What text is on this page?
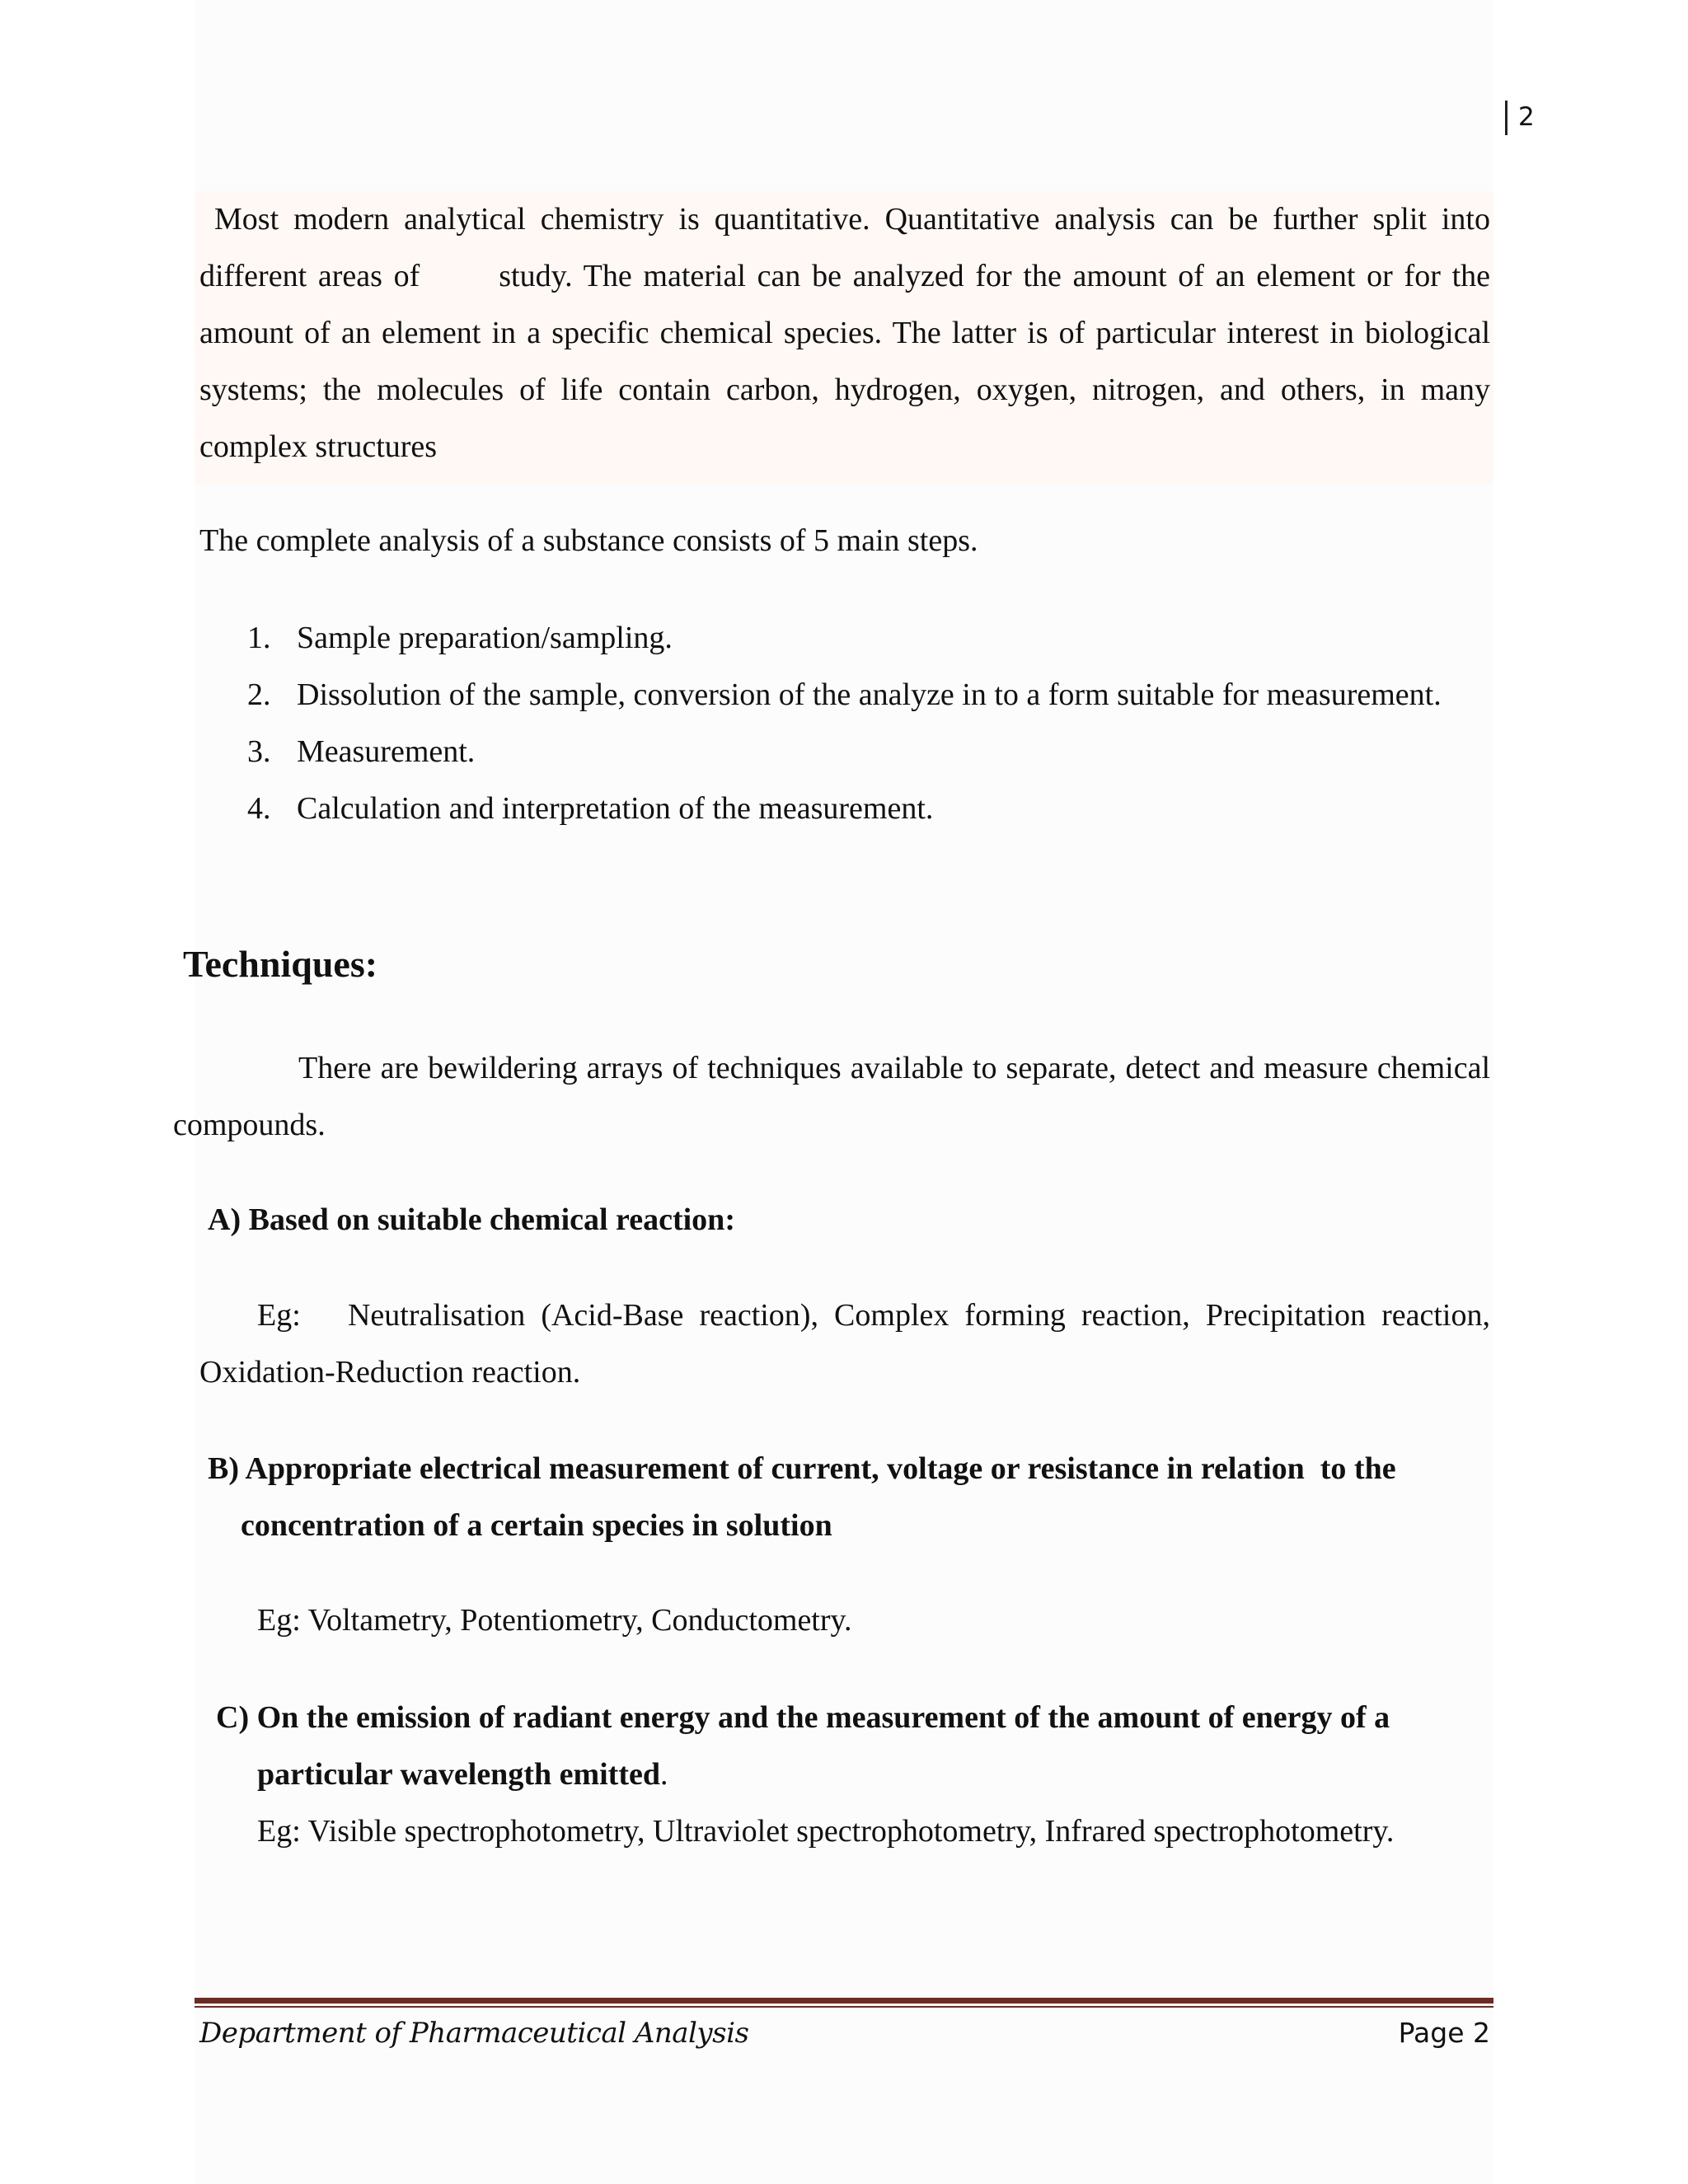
2

Most modern analytical chemistry is quantitative. Quantitative analysis can be further split into different areas of       study. The material can be analyzed for the amount of an element or for the amount of an element in a specific chemical species. The latter is of particular interest in biological systems; the molecules of life contain carbon, hydrogen, oxygen, nitrogen, and others, in many complex structures

The complete analysis of a substance consists of 5 main steps.

1. Sample preparation/sampling.
2. Dissolution of the sample, conversion of the analyze in to a form suitable for measurement.
3. Measurement.
4. Calculation and interpretation of the measurement.
Techniques:

There are bewildering arrays of techniques available to separate, detect and measure chemical compounds.

A) Based on suitable chemical reaction:

Eg:   Neutralisation (Acid-Base reaction), Complex forming reaction, Precipitation reaction, Oxidation-Reduction reaction.

B) Appropriate electrical measurement of current, voltage or resistance in relation  to the
concentration of a certain species in solution

Eg: Voltametry, Potentiometry, Conductometry.

C) On the emission of radiant energy and the measurement of the amount of energy of a
particular wavelength emitted.

Eg: Visible spectrophotometry, Ultraviolet spectrophotometry, Infrared spectrophotometry.

Department of Pharmaceutical Analysis	Page 2
